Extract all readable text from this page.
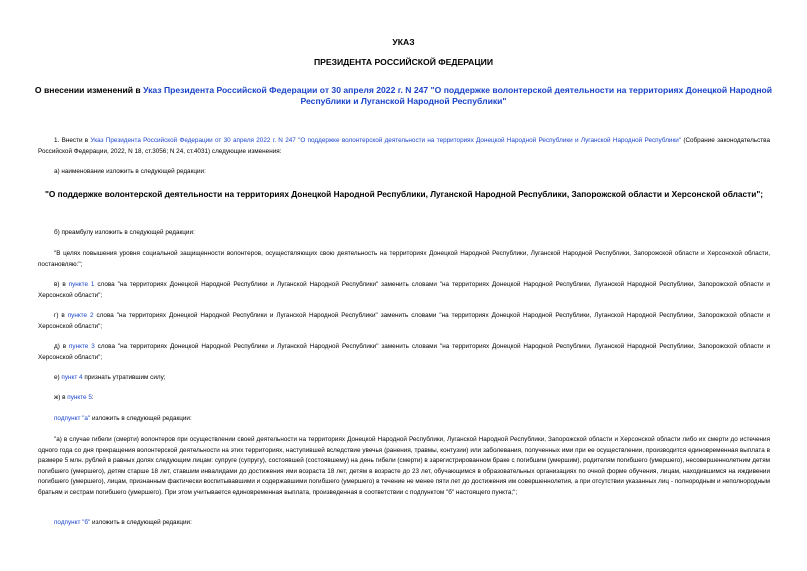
УКАЗ
ПРЕЗИДЕНТА РОССИЙСКОЙ ФЕДЕРАЦИИ
О внесении изменений в Указ Президента Российской Федерации от 30 апреля 2022 г. N 247 "О поддержке волонтерской деятельности на территориях Донецкой Народной Республики и Луганской Народной Республики"
1. Внести в Указ Президента Российской Федерации от 30 апреля 2022 г. N 247 "О поддержке волонтерской деятельности на территориях Донецкой Народной Республики и Луганской Народной Республики" (Собрание законодательства Российской Федерации, 2022, N 18, ст.3056; N 24, ст.4031) следующие изменения:
а) наименование изложить в следующей редакции:
"О поддержке волонтерской деятельности на территориях Донецкой Народной Республики, Луганской Народной Республики, Запорожской области и Херсонской области";
б) преамбулу изложить в следующей редакции:
"В целях повышения уровня социальной защищенности волонтеров, осуществляющих свою деятельность на территориях Донецкой Народной Республики, Луганской Народной Республики, Запорожской области и Херсонской области, постановляю:";
в) в пункте 1 слова "на территориях Донецкой Народной Республики и Луганской Народной Республики" заменить словами "на территориях Донецкой Народной Республики, Луганской Народной Республики, Запорожской области и Херсонской области";
г) в пункте 2 слова "на территориях Донецкой Народной Республики и Луганской Народной Республики" заменить словами "на территориях Донецкой Народной Республики, Луганской Народной Республики, Запорожской области и Херсонской области";
д) в пункте 3 слова "на территориях Донецкой Народной Республики и Луганской Народной Республики" заменить словами "на территориях Донецкой Народной Республики, Луганской Народной Республики, Запорожской области и Херсонской области";
е) пункт 4 признать утратившим силу;
ж) в пункте 5:
подпункт "а" изложить в следующей редакции:
"а) в случае гибели (смерти) волонтеров при осуществлении своей деятельности на территориях Донецкой Народной Республики, Луганской Народной Республики, Запорожской области и Херсонской области либо их смерти до истечения одного года со дня прекращения волонтерской деятельности на этих территориях, наступившей вследствие увечья (ранения, травмы, контузии) или заболевания, полученных ими при ее осуществлении, производится единовременная выплата в размере 5 млн. рублей в равных долях следующим лицам: супруге (супругу), состоявшей (состоявшему) на день гибели (смерти) в зарегистрированном браке с погибшим (умершим), родителям погибшего (умершего), несовершеннолетним детям погибшего (умершего), детям старше 18 лет, ставшим инвалидами до достижения ими возраста 18 лет, детям в возрасте до 23 лет, обучающимся в образовательных организациях по очной форме обучения, лицам, находившимся на иждивении погибшего (умершего), лицам, признанным фактически воспитывавшими и содержавшими погибшего (умершего) в течение не менее пяти лет до достижения им совершеннолетия, а при отсутствии указанных лиц - полнородным и неполнородным братьям и сестрам погибшего (умершего). При этом учитывается единовременная выплата, произведенная в соответствии с подпунктом "б" настоящего пункта;";
подпункт "б" изложить в следующей редакции:
